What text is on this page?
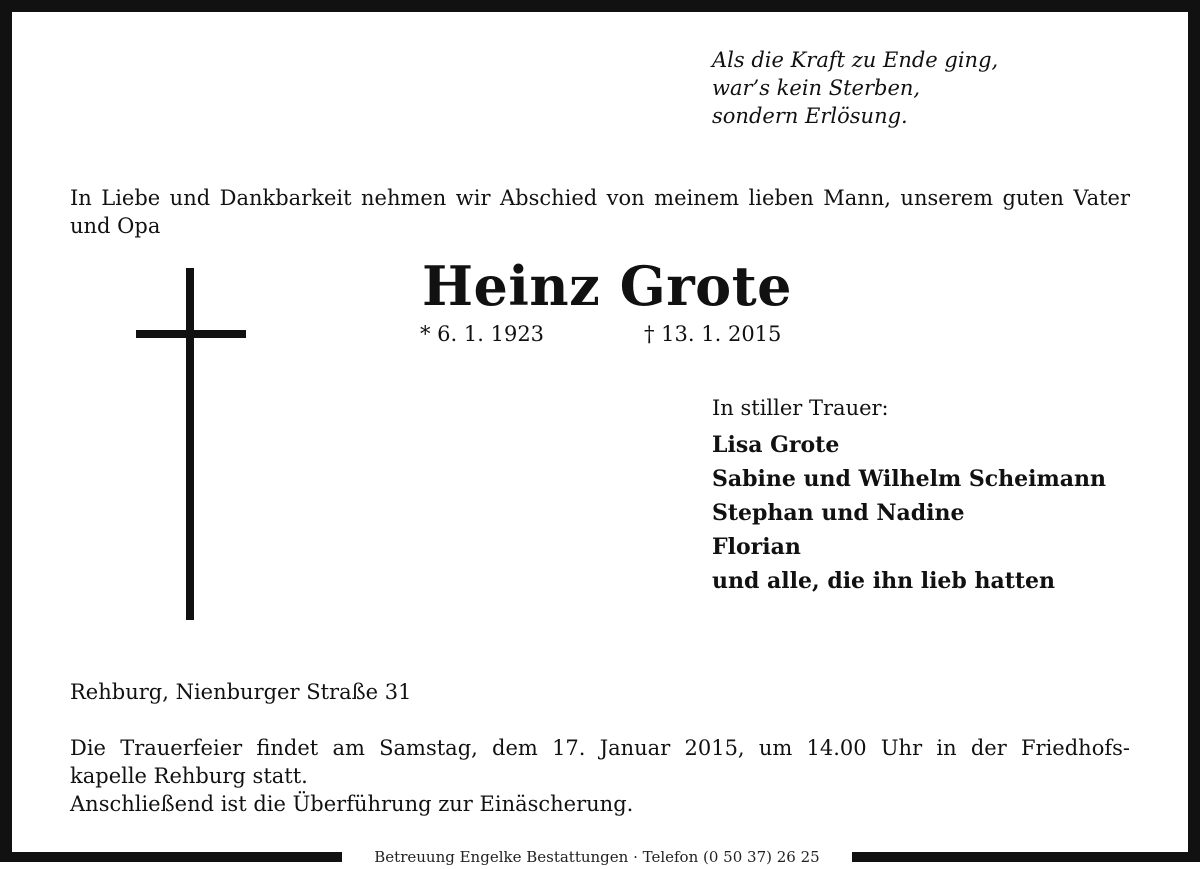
Als die Kraft zu Ende ging,
war’s kein Sterben,
sondern Erlösung.
In Liebe und Dankbarkeit nehmen wir Abschied von meinem lieben Mann, unserem guten Vater und Opa
Heinz Grote
* 6. 1. 1923	† 13. 1. 2015
In stiller Trauer:
Lisa Grote
Sabine und Wilhelm Scheimann
Stephan und Nadine
Florian
und alle, die ihn lieb hatten
Rehburg, Nienburger Straße 31
Die Trauerfeier findet am Samstag, dem 17. Januar 2015, um 14.00 Uhr in der Friedhofs-
kapelle Rehburg statt.
Anschließend ist die Überführung zur Einäscherung.
Betreuung Engelke Bestattungen · Telefon (0 50 37) 26 25
